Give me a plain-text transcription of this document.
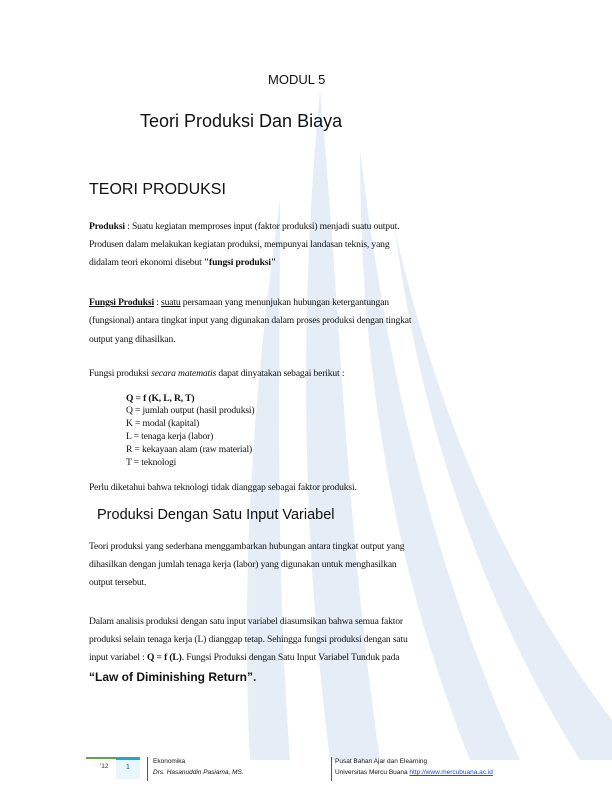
MODUL 5
Teori Produksi Dan Biaya
TEORI PRODUKSI
Produksi : Suatu kegiatan memproses input (faktor produksi) menjadi suatu output.
Produsen dalam melakukan kegiatan produksi, mempunyai landasan teknis, yang
didalam teori ekonomi disebut "fungsi produksi"
Fungsi Produksi : suatu persamaan yang menunjukan hubungan ketergantungan
(fungsional) antara tingkat input yang digunakan dalam proses produksi dengan tingkat
output yang dihasilkan.
Fungsi produksi secara matematis dapat dinyatakan sebagai berikut :
Q = f (K, L, R, T)
Q = jumlah output (hasil produksi)
K = modal (kapital)
L = tenaga kerja (labor)
R = kekayaan alam (raw material)
T = teknologi
Perlu diketahui bahwa teknologi tidak dianggap sebagai faktor produksi.
Produksi Dengan Satu Input Variabel
Teori produksi yang sederhana menggambarkan hubungan antara tingkat output yang
dihasilkan dengan jumlah tenaga kerja (labor) yang digunakan untuk menghasilkan
output tersebut.
Dalam analisis produksi dengan satu input variabel diasumsikan bahwa semua faktor
produksi selain tenaga kerja (L) dianggap tetap. Sehingga fungsi produksi dengan satu
input variabel : Q = f (L). Fungsi Produksi dengan Satu Input Variabel Tunduk pada
“Law of Diminishing Return”.
'12	1
Ekonomika
Drs. Hasanuddin Pasiama, MS.
Pusat Bahan Ajar dan Elearning
Universitas Mercu Buana http://www.mercubuana.ac.id
